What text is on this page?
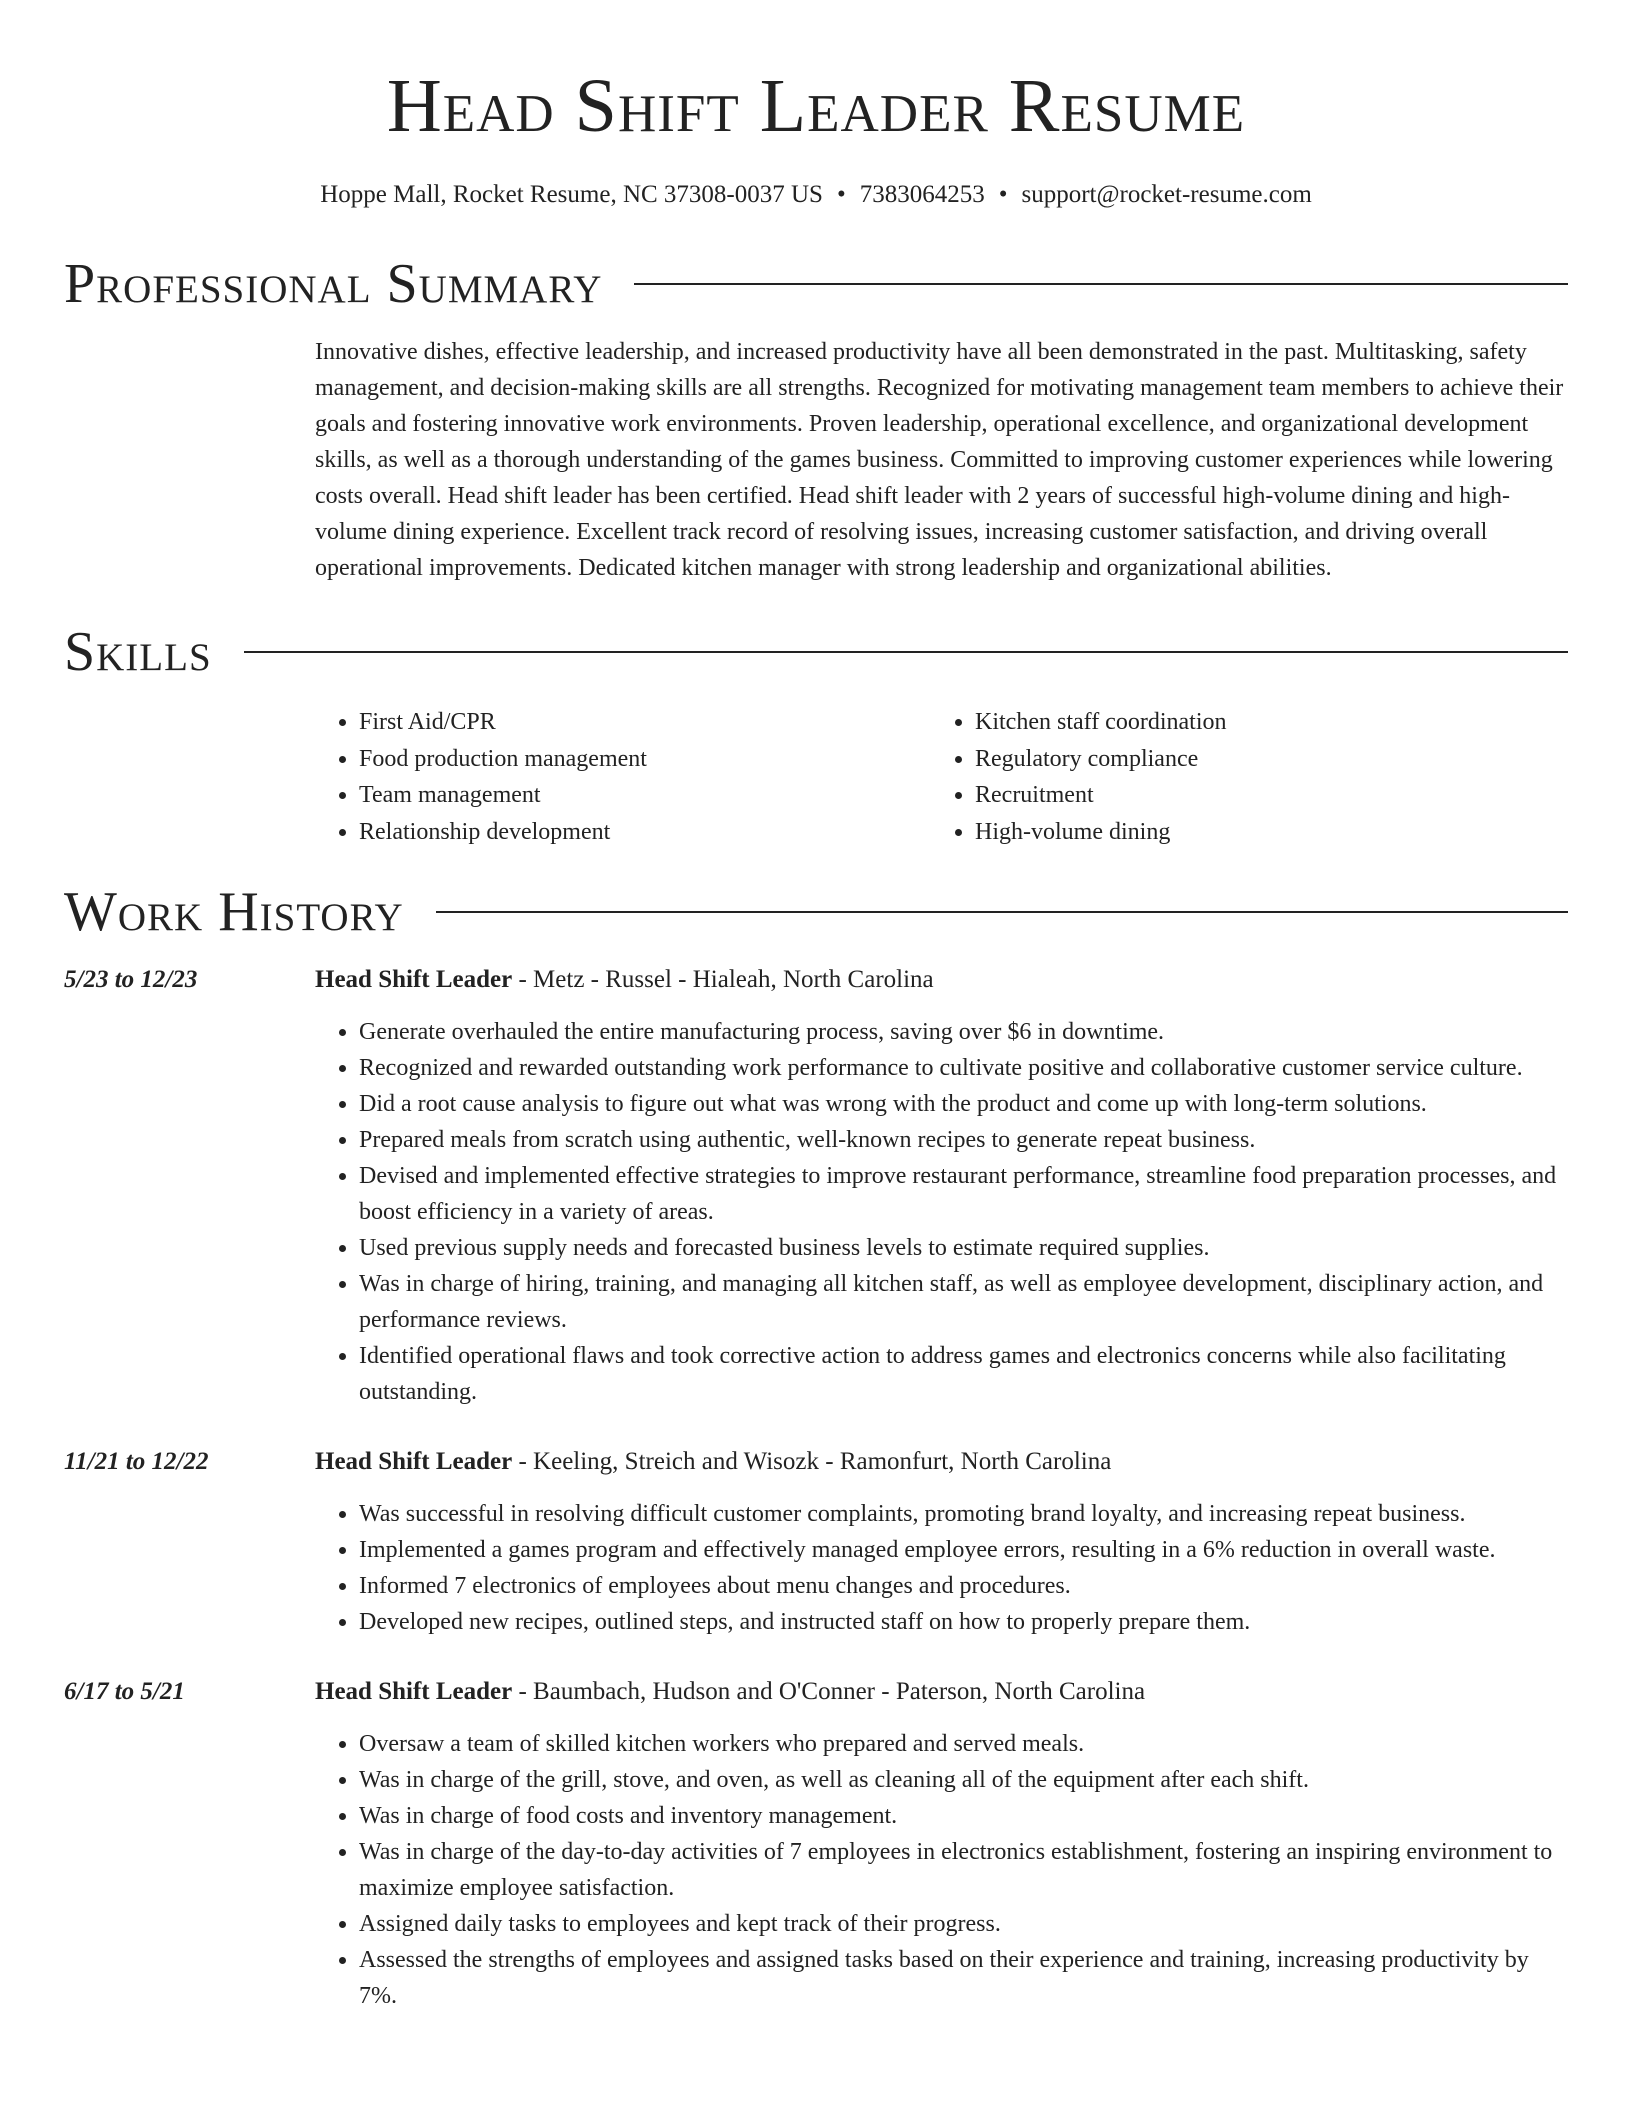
Head Shift Leader Resume
Hoppe Mall, Rocket Resume, NC 37308-0037 US • 7383064253 • support@rocket-resume.com
Professional Summary

Innovative dishes, effective leadership, and increased productivity have all been demonstrated in the past. Multitasking, safety management, and decision-making skills are all strengths. Recognized for motivating management team members to achieve their goals and fostering innovative work environments. Proven leadership, operational excellence, and organizational development skills, as well as a thorough understanding of the games business. Committed to improving customer experiences while lowering costs overall. Head shift leader has been certified. Head shift leader with 2 years of successful high-volume dining and high-volume dining experience. Excellent track record of resolving issues, increasing customer satisfaction, and driving overall operational improvements. Dedicated kitchen manager with strong leadership and organizational abilities.

Skills
• First Aid/CPR
• Food production management
• Team management
• Relationship development
• Kitchen staff coordination
• Regulatory compliance
• Recruitment
• High-volume dining
Work History
5/23 to 12/23	Head Shift Leader - Metz - Russel - Hialeah, North Carolina
• Generate overhauled the entire manufacturing process, saving over $6 in downtime.
• Recognized and rewarded outstanding work performance to cultivate positive and collaborative customer service culture.
• Did a root cause analysis to figure out what was wrong with the product and come up with long-term solutions.
• Prepared meals from scratch using authentic, well-known recipes to generate repeat business.
• Devised and implemented effective strategies to improve restaurant performance, streamline food preparation processes, and boost efficiency in a variety of areas.
• Used previous supply needs and forecasted business levels to estimate required supplies.
• Was in charge of hiring, training, and managing all kitchen staff, as well as employee development, disciplinary action, and performance reviews.
• Identified operational flaws and took corrective action to address games and electronics concerns while also facilitating outstanding.
11/21 to 12/22	Head Shift Leader - Keeling, Streich and Wisozk - Ramonfurt, North Carolina
• Was successful in resolving difficult customer complaints, promoting brand loyalty, and increasing repeat business.
• Implemented a games program and effectively managed employee errors, resulting in a 6% reduction in overall waste.
• Informed 7 electronics of employees about menu changes and procedures.
• Developed new recipes, outlined steps, and instructed staff on how to properly prepare them.
6/17 to 5/21	Head Shift Leader - Baumbach, Hudson and O'Conner - Paterson, North Carolina
• Oversaw a team of skilled kitchen workers who prepared and served meals.
• Was in charge of the grill, stove, and oven, as well as cleaning all of the equipment after each shift.
• Was in charge of food costs and inventory management.
• Was in charge of the day-to-day activities of 7 employees in electronics establishment, fostering an inspiring environment to maximize employee satisfaction.
• Assigned daily tasks to employees and kept track of their progress.
• Assessed the strengths of employees and assigned tasks based on their experience and training, increasing productivity by 7%.
